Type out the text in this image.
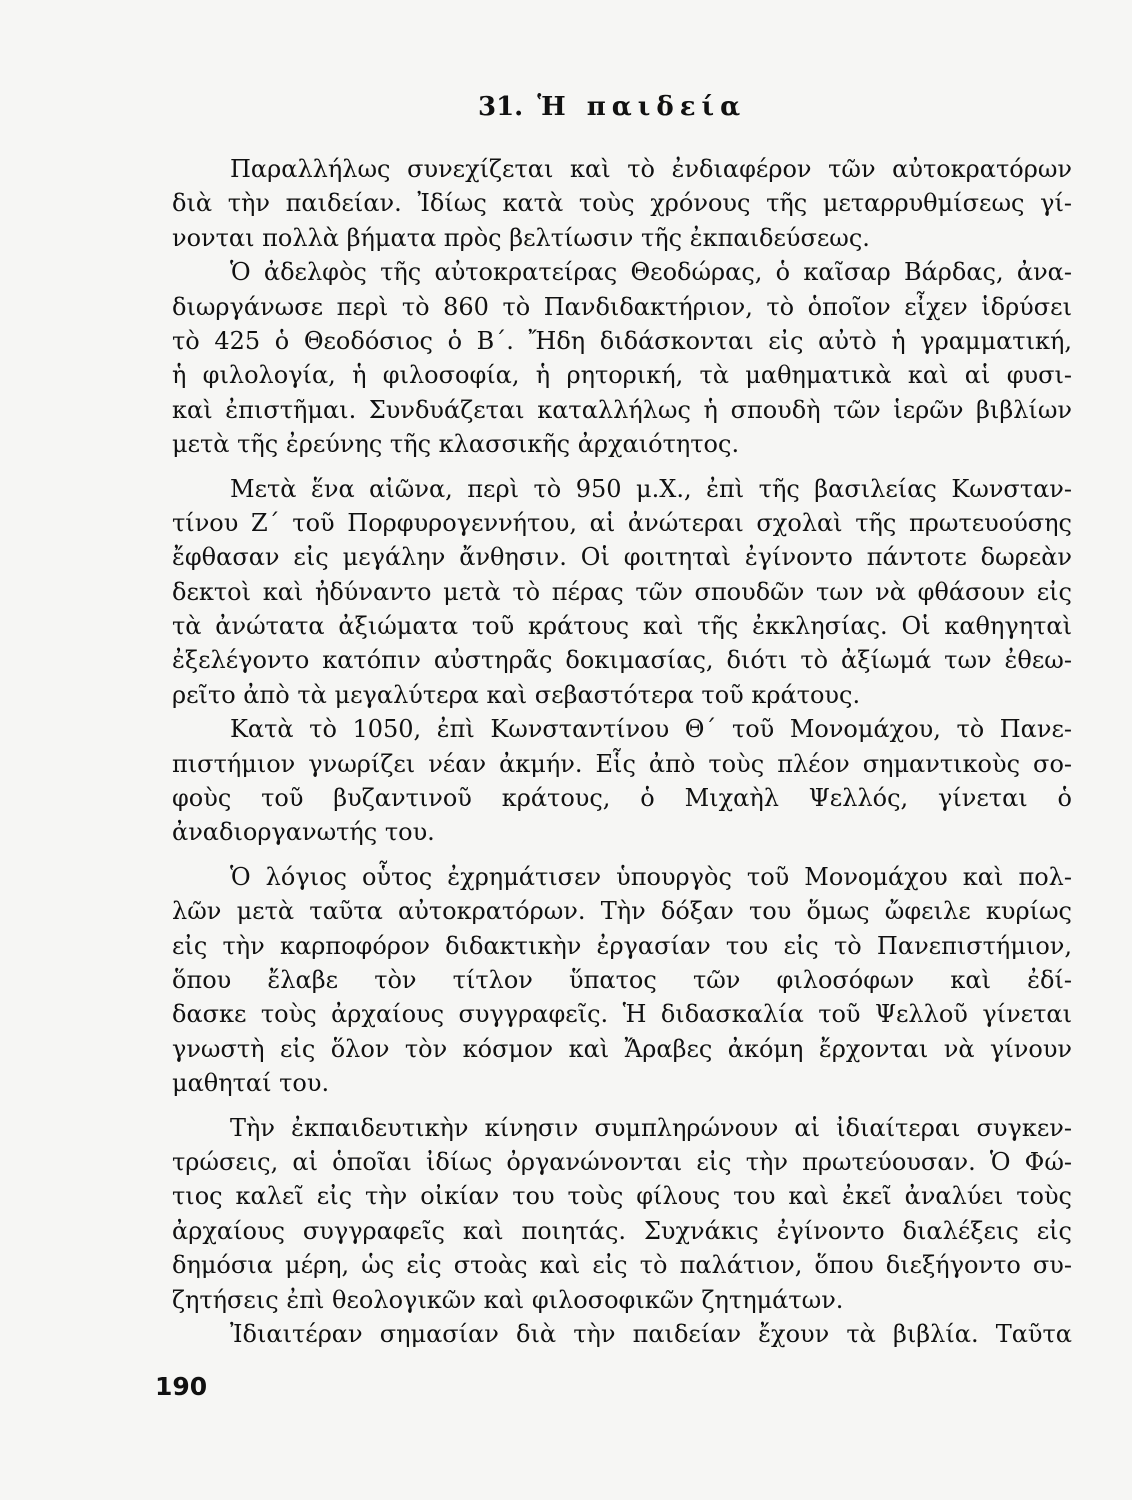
31. Ἡ παιδεία
Παραλλήλως συνεχίζεται καὶ τὸ ἐνδιαφέρον τῶν αὐτοκρατόρων
διὰ τὴν παιδείαν. Ἰδίως κατὰ τοὺς χρόνους τῆς μεταρρυθμίσεως γί-
νονται πολλὰ βήματα πρὸς βελτίωσιν τῆς ἐκπαιδεύσεως.
Ὁ ἀδελφὸς τῆς αὐτοκρατείρας Θεοδώρας, ὁ καῖσαρ Βάρδας, ἀνα-
διωργάνωσε περὶ τὸ 860 τὸ Πανδιδακτήριον, τὸ ὁποῖον εἶχεν ἱδρύσει
τὸ 425 ὁ Θεοδόσιος ὁ Β΄. Ἤδη διδάσκονται εἰς αὐτὸ ἡ γραμματική,
ἡ φιλολογία, ἡ φιλοσοφία, ἡ ρητορική, τὰ μαθηματικὰ καὶ αἱ φυσι-
καὶ ἐπιστῆμαι. Συνδυάζεται καταλλήλως ἡ σπουδὴ τῶν ἱερῶν βιβλίων
μετὰ τῆς ἐρεύνης τῆς κλασσικῆς ἀρχαιότητος.
Μετὰ ἕνα αἰῶνα, περὶ τὸ 950 μ.Χ., ἐπὶ τῆς βασιλείας Κωνσταν-
τίνου Ζ΄ τοῦ Πορφυρογεννήτου, αἱ ἀνώτεραι σχολαὶ τῆς πρωτευούσης
ἔφθασαν εἰς μεγάλην ἄνθησιν. Οἱ φοιτηταὶ ἐγίνοντο πάντοτε δωρεὰν
δεκτοὶ καὶ ἠδύναντο μετὰ τὸ πέρας τῶν σπουδῶν των νὰ φθάσουν εἰς
τὰ ἀνώτατα ἀξιώματα τοῦ κράτους καὶ τῆς ἐκκλησίας. Οἱ καθηγηταὶ
ἐξελέγοντο κατόπιν αὐστηρᾶς δοκιμασίας, διότι τὸ ἀξίωμά των ἐθεω-
ρεῖτο ἀπὸ τὰ μεγαλύτερα καὶ σεβαστότερα τοῦ κράτους.
Κατὰ τὸ 1050, ἐπὶ Κωνσταντίνου Θ΄ τοῦ Μονομάχου, τὸ Πανε-
πιστήμιον γνωρίζει νέαν ἀκμήν. Εἷς ἀπὸ τοὺς πλέον σημαντικοὺς σο-
φοὺς τοῦ βυζαντινοῦ κράτους, ὁ Μιχαὴλ Ψελλός, γίνεται ὁ
ἀναδιοργανωτής του.
Ὁ λόγιος οὗτος ἐχρημάτισεν ὑπουργὸς τοῦ Μονομάχου καὶ πολ-
λῶν μετὰ ταῦτα αὐτοκρατόρων. Τὴν δόξαν του ὅμως ὤφειλε κυρίως
εἰς τὴν καρποφόρον διδακτικὴν ἐργασίαν του εἰς τὸ Πανεπιστήμιον,
ὅπου ἔλαβε τὸν τίτλον ὕπατος τῶν φιλοσόφων καὶ ἐδί-
δασκε τοὺς ἀρχαίους συγγραφεῖς. Ἡ διδασκαλία τοῦ Ψελλοῦ γίνεται
γνωστὴ εἰς ὅλον τὸν κόσμον καὶ Ἄραβες ἀκόμη ἔρχονται νὰ γίνουν
μαθηταί του.
Τὴν ἐκπαιδευτικὴν κίνησιν συμπληρώνουν αἱ ἰδιαίτεραι συγκεν-
τρώσεις, αἱ ὁποῖαι ἰδίως ὀργανώνονται εἰς τὴν πρωτεύουσαν. Ὁ Φώ-
τιος καλεῖ εἰς τὴν οἰκίαν του τοὺς φίλους του καὶ ἐκεῖ ἀναλύει τοὺς
ἀρχαίους συγγραφεῖς καὶ ποιητάς. Συχνάκις ἐγίνοντο διαλέξεις εἰς
δημόσια μέρη, ὡς εἰς στοὰς καὶ εἰς τὸ παλάτιον, ὅπου διεξήγοντο συ-
ζητήσεις ἐπὶ θεολογικῶν καὶ φιλοσοφικῶν ζητημάτων.
Ἰδιαιτέραν σημασίαν διὰ τὴν παιδείαν ἔχουν τὰ βιβλία. Ταῦτα
190
